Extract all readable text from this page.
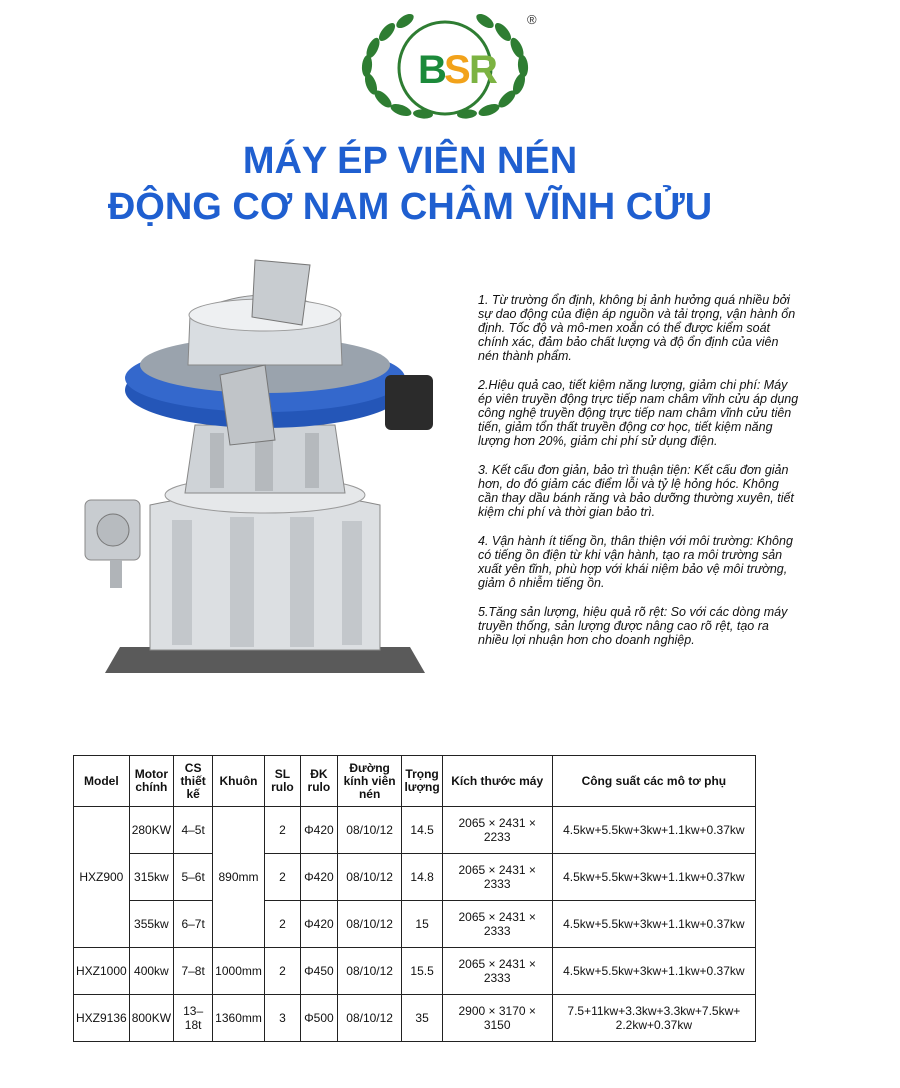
B
S
R
®
MÁY ÉP VIÊN NÉN
ĐỘNG CƠ NAM CHÂM VĨNH CỬU

1. Từ trường ổn định, không bị ảnh hưởng quá nhiều bởi sự dao động của điện áp nguồn và tải trọng, vận hành ổn định. Tốc độ và mô-men xoắn có thể được kiểm soát chính xác, đảm bảo chất lượng và độ ổn định của viên nén thành phẩm.

2.Hiệu quả cao, tiết kiệm năng lượng, giảm chi phí: Máy ép viên truyền động trực tiếp nam châm vĩnh cửu áp dụng công nghệ truyền động trực tiếp nam châm vĩnh cửu tiên tiến, giảm tổn thất truyền động cơ học, tiết kiệm năng lượng hơn 20%, giảm chi phí sử dụng điện.

3. Kết cấu đơn giản, bảo trì thuận tiện: Kết cấu đơn giản hơn, do đó giảm các điểm lỗi và tỷ lệ hỏng hóc. Không cần thay dầu bánh răng và bảo dưỡng thường xuyên, tiết kiệm chi phí và thời gian bảo trì.

4. Vận hành ít tiếng ồn, thân thiện với môi trường: Không có tiếng ồn điện từ khi vận hành, tạo ra môi trường sản xuất yên tĩnh, phù hợp với khái niệm bảo vệ môi trường, giảm ô nhiễm tiếng ồn.

5.Tăng sản lượng, hiệu quả rõ rệt: So với các dòng máy truyền thống, sản lượng được nâng cao rõ rệt, tạo ra nhiều lợi nhuận hơn cho doanh nghiệp.

Model	Motor chính	CS thiết kế	Khuôn	SL rulo	ĐK rulo	Đường kính viên nén	Trọng lượng	Kích thước máy	Công suất các mô tơ phụ
HXZ900	280KW	4–5t	890mm	2	Φ420	08/10/12	14.5	2065 × 2431 × 2233	4.5kw+5.5kw+3kw+1.1kw+0.37kw
	315kw	5–6t		2	Φ420	08/10/12	14.8	2065 × 2431 × 2333	4.5kw+5.5kw+3kw+1.1kw+0.37kw
	355kw	6–7t		2	Φ420	08/10/12	15	2065 × 2431 × 2333	4.5kw+5.5kw+3kw+1.1kw+0.37kw
HXZ1000	400kw	7–8t	1000mm	2	Φ450	08/10/12	15.5	2065 × 2431 × 2333	4.5kw+5.5kw+3kw+1.1kw+0.37kw
HXZ9136	800KW	13–18t	1360mm	3	Φ500	08/10/12	35	2900 × 3170 × 3150	7.5+11kw+3.3kw+3.3kw+7.5kw+ 2.2kw+0.37kw
